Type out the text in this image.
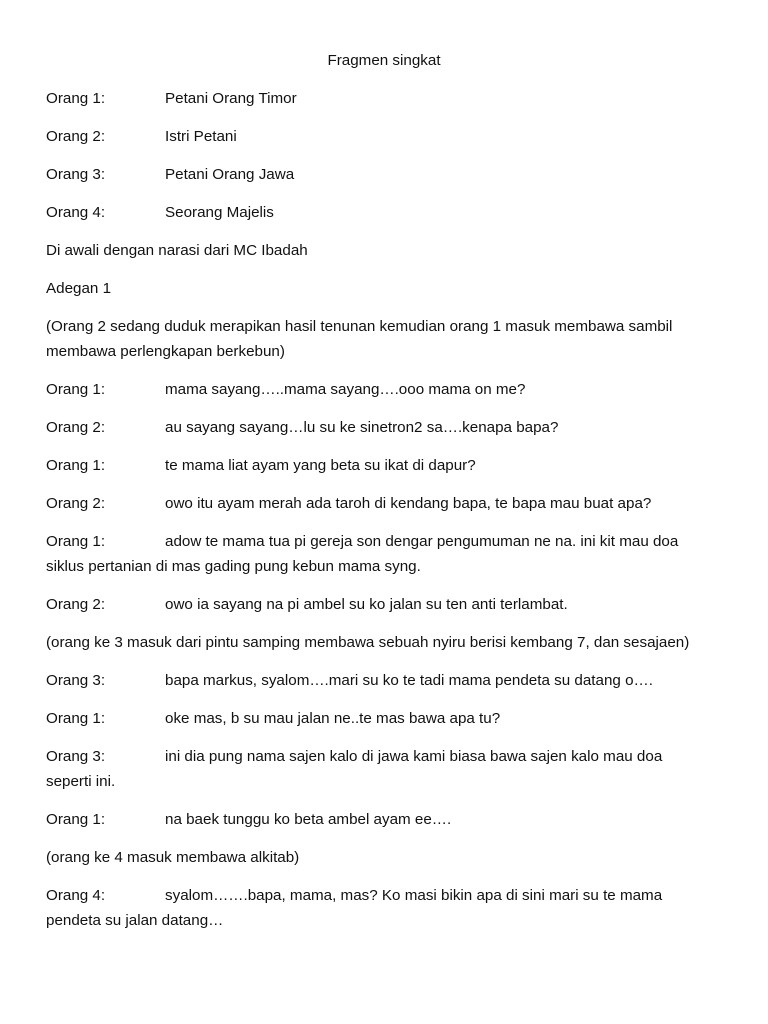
Fragmen singkat
Orang 1:	Petani Orang Timor
Orang 2:	Istri Petani
Orang 3:	Petani Orang Jawa
Orang 4:	Seorang Majelis
Di awali dengan narasi dari MC Ibadah
Adegan 1
(Orang 2 sedang duduk merapikan hasil tenunan kemudian orang 1 masuk membawa sambil membawa perlengkapan berkebun)
Orang 1:	mama sayang…..mama sayang….ooo mama on me?
Orang 2:	au sayang sayang…lu su ke sinetron2 sa….kenapa bapa?
Orang 1:	te mama liat ayam yang beta su ikat di dapur?
Orang 2:	owo itu ayam merah ada taroh di kendang bapa, te bapa mau buat apa?
Orang 1:	adow te mama tua pi gereja son dengar pengumuman ne na. ini kit mau doa siklus pertanian di mas gading pung kebun mama syng.
Orang 2:	owo ia sayang na pi ambel su ko jalan su ten anti terlambat.
(orang ke 3 masuk dari pintu samping membawa sebuah nyiru berisi kembang 7, dan sesajaen)
Orang 3:	bapa markus, syalom….mari su ko te tadi mama pendeta su datang o….
Orang 1:	oke mas, b su mau jalan ne..te mas bawa apa tu?
Orang 3:	ini dia pung nama sajen kalo di jawa kami biasa bawa sajen kalo mau doa seperti ini.
Orang 1:	na baek tunggu ko beta ambel ayam ee….
(orang ke 4 masuk membawa alkitab)
Orang 4:	syalom…….bapa, mama, mas? Ko masi bikin apa di sini mari su te mama pendeta su jalan datang…
